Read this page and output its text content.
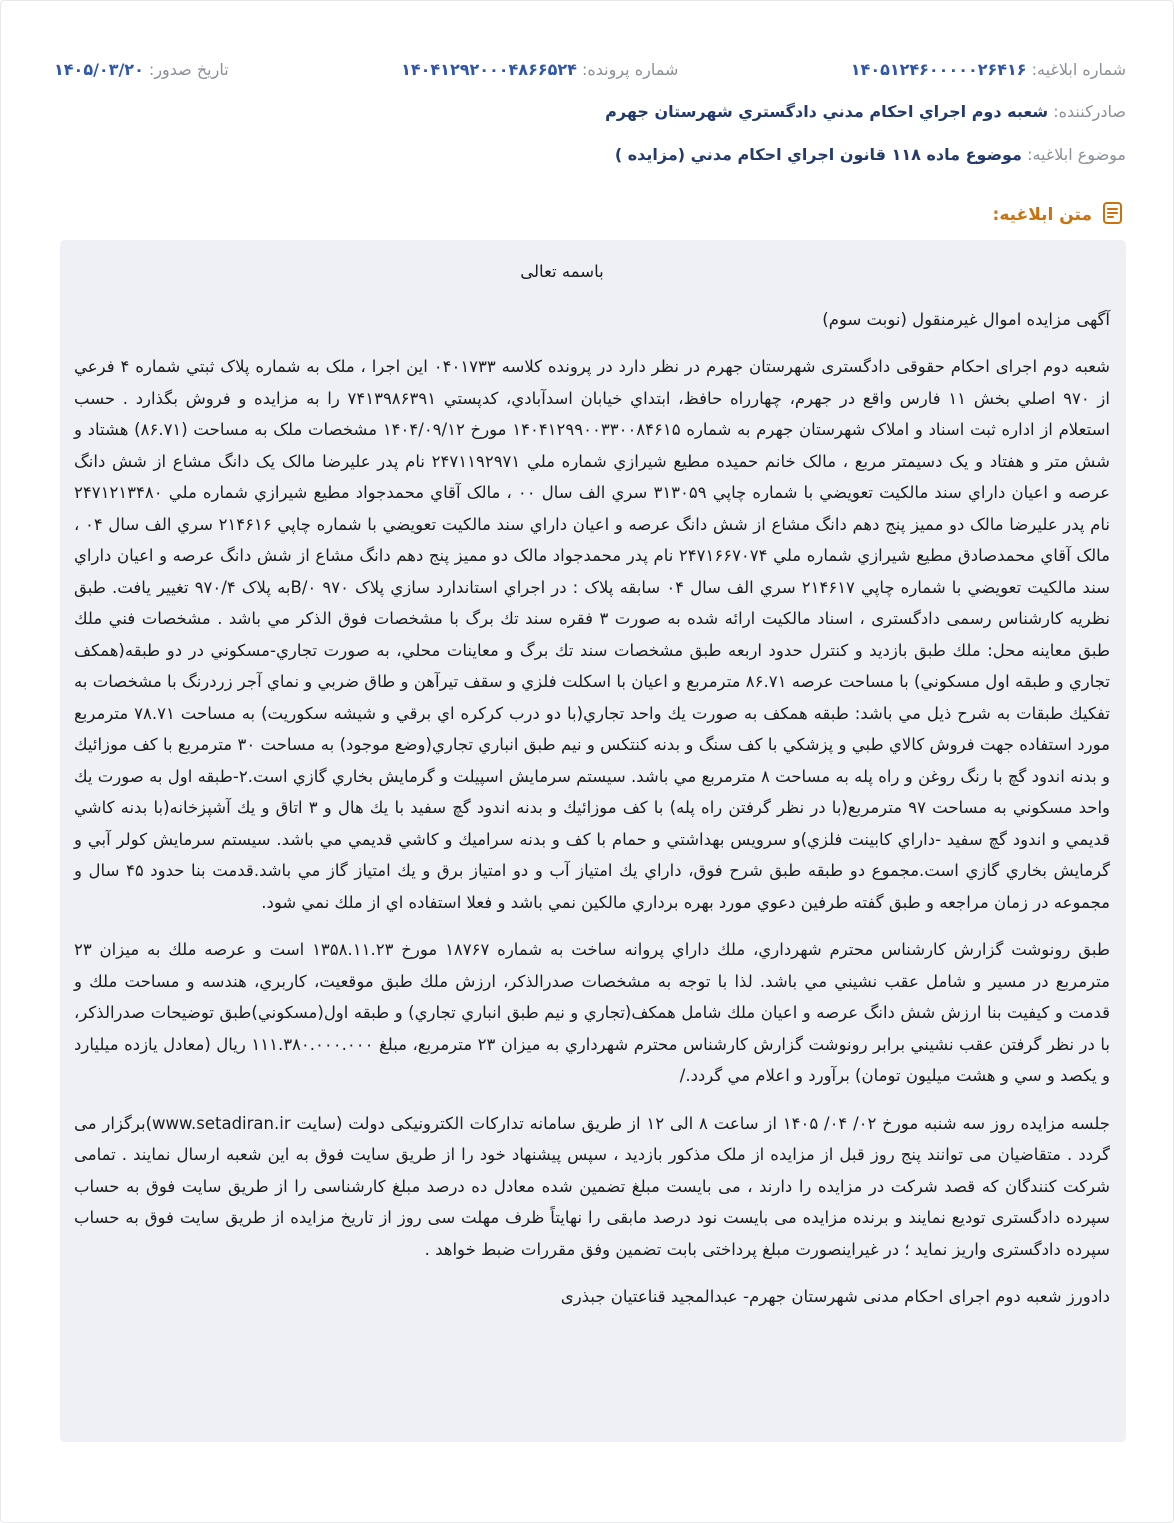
شماره ابلاغیه: ۱۴۰۵۱۲۴۶۰۰۰۰۰۲۶۴۱۶
شماره پرونده: ۱۴۰۴۱۲۹۲۰۰۰۴۸۶۶۵۲۴
تاریخ صدور: ۱۴۰۵/۰۳/۲۰
صادرکننده: شعبه دوم اجراي احكام مدني دادگستري شهرستان جهرم
موضوع ابلاغیه: موضوع ماده ۱۱۸ قانون اجراي احكام مدني (مزايده )
متن ابلاغیه:

باسمه تعالی

آگهی مزایده اموال غیرمنقول (نوبت سوم)

شعبه دوم اجرای احکام حقوقی دادگستری شهرستان جهرم در نظر دارد در پرونده کلاسه ۰۴۰۱۷۳۳ این اجرا ، ملک به شماره پلاک ثبتي شماره ۴ فرعي از ۹۷۰ اصلي بخش ۱۱ فارس واقع در جهرم، چهارراه حافظ، ابتداي خيابان اسدآبادي، کدپستي ۷۴۱۳۹۸۶۳۹۱ را به مزایده و فروش بگذارد . حسب استعلام از اداره ثبت اسناد و املاک شهرستان جهرم به شماره ۱۴۰۴۱۲۹۹۰۰۳۳۰۰۸۴۶۱۵ مورخ ۱۴۰۴/۰۹/۱۲ مشخصات ملک به مساحت (۸۶.۷۱) هشتاد و شش متر و هفتاد و یک دسیمتر مربع ، مالک خانم حميده مطيع شيرازي شماره ملي ۲۴۷۱۱۹۲۹۷۱ نام پدر عليرضا مالک یک دانگ مشاع از شش دانگ عرصه و اعيان داراي سند مالکيت تعويضي با شماره چاپي ۳۱۳۰۵۹ سري الف سال ۰۰ ، مالک آقاي محمدجواد مطيع شيرازي شماره ملي ۲۴۷۱۲۱۳۴۸۰ نام پدر عليرضا مالک دو مميز پنج دهم دانگ مشاع از شش دانگ عرصه و اعيان داراي سند مالکيت تعويضي با شماره چاپي ۲۱۴۶۱۶ سري الف سال ۰۴ ، مالک آقاي محمدصادق مطيع شيرازي شماره ملي ۲۴۷۱۶۶۷۰۷۴ نام پدر محمدجواد مالک دو مميز پنج دهم دانگ مشاع از شش دانگ عرصه و اعيان داراي سند مالکيت تعويضي با شماره چاپي ۲۱۴۶۱۷ سري الف سال ۰۴ سابقه پلاک : در اجراي استاندارد سازي پلاک ۹۷۰ B/۰به پلاک ۹۷۰/۴ تغيير يافت. طبق نظریه کارشناس رسمی دادگستری ، اسناد مالكيت ارائه شده به صورت ۳ فقره سند تك برگ با مشخصات فوق الذكر مي باشد . مشخصات فني ملك طبق معاينه محل: ملك طبق بازديد و كنترل حدود اربعه طبق مشخصات سند تك برگ و معاينات محلي، به صورت تجاري-مسكوني در دو طبقه(همكف تجاري و طبقه اول مسكوني) با مساحت عرصه ۸۶.۷۱ مترمربع و اعيان با اسكلت فلزي و سقف تيرآهن و طاق ضربي و نماي آجر زردرنگ با مشخصات به تفكيك طبقات به شرح ذيل مي باشد: طبقه همكف به صورت يك واحد تجاري(با دو درب كركره اي برقي و شيشه سكوريت) به مساحت ۷۸.۷۱ مترمربع مورد استفاده جهت فروش كالاي طبي و پزشكي با كف سنگ و بدنه كنتكس و نيم طبق انباري تجاري(وضع موجود) به مساحت ۳۰ مترمربع با كف موزائيك و بدنه اندود گچ با رنگ روغن و راه پله به مساحت ۸ مترمربع مي باشد. سيستم سرمايش اسپيلت و گرمايش بخاري گازي است.۲-طبقه اول به صورت يك واحد مسكوني به مساحت ۹۷ مترمربع(با در نظر گرفتن راه پله) با كف موزائيك و بدنه اندود گچ سفيد با يك هال و ۳ اتاق و يك آشپزخانه(با بدنه كاشي قديمي و اندود گچ سفيد -داراي كابينت فلزي)و سرويس بهداشتي و حمام با كف و بدنه سراميك و كاشي قديمي مي باشد. سيستم سرمايش كولر آبي و گرمايش بخاري گازي است.مجموع دو طبقه طبق شرح فوق، داراي يك امتياز آب و دو امتياز برق و يك امتياز گاز مي باشد.قدمت بنا حدود ۴۵ سال و مجموعه در زمان مراجعه و طبق گفته طرفين دعوي مورد بهره برداري مالكين نمي باشد و فعلا استفاده اي از ملك نمي شود.

طبق رونوشت گزارش كارشناس محترم شهرداري، ملك داراي پروانه ساخت به شماره ۱۸۷۶۷ مورخ ۱۳۵۸.۱۱.۲۳ است و عرصه ملك به ميزان ۲۳ مترمربع در مسير و شامل عقب نشيني مي باشد. لذا با توجه به مشخصات صدرالذكر، ارزش ملك طبق موقعيت، كاربري، هندسه و مساحت ملك و قدمت و كيفيت بنا ارزش شش دانگ عرصه و اعيان ملك شامل همكف(تجاري و نيم طبق انباري تجاري) و طبقه اول(مسكوني)طبق توضيحات صدرالذكر، با در نظر گرفتن عقب نشيني برابر رونوشت گزارش كارشناس محترم شهرداري به ميزان ۲۳ مترمربع، مبلغ ۱۱۱.۳۸۰.۰۰۰.۰۰۰ ريال (معادل يازده ميليارد و يكصد و سي و هشت ميليون تومان) برآورد و اعلام مي گردد./

جلسه مزایده روز سه شنبه مورخ ۰۲/ ۰۴/ ۱۴۰۵ از ساعت ۸ الی ۱۲ از طریق سامانه تدارکات الکترونیکی دولت (سایت www.setadiran.ir)برگزار می گردد . متقاضیان می توانند پنج روز قبل از مزایده از ملک مذکور بازدید ، سپس پیشنهاد خود را از طریق سایت فوق به این شعبه ارسال نمایند . تمامی شرکت کنندگان که قصد شرکت در مزایده را دارند ، می بایست مبلغ تضمین شده معادل ده درصد مبلغ کارشناسی را از طریق سایت فوق به حساب سپرده دادگستری تودیع نمایند و برنده مزایده می بایست نود درصد مابقی را نهایتاً ظرف مهلت سی روز از تاریخ مزایده از طریق سایت فوق به حساب سپرده دادگستری واریز نماید ؛ در غیراینصورت مبلغ پرداختی بابت تضمین وفق مقررات ضبط خواهد .

دادورز شعبه دوم اجرای احکام مدنی شهرستان جهرم- عبدالمجید قناعتیان جبذری
